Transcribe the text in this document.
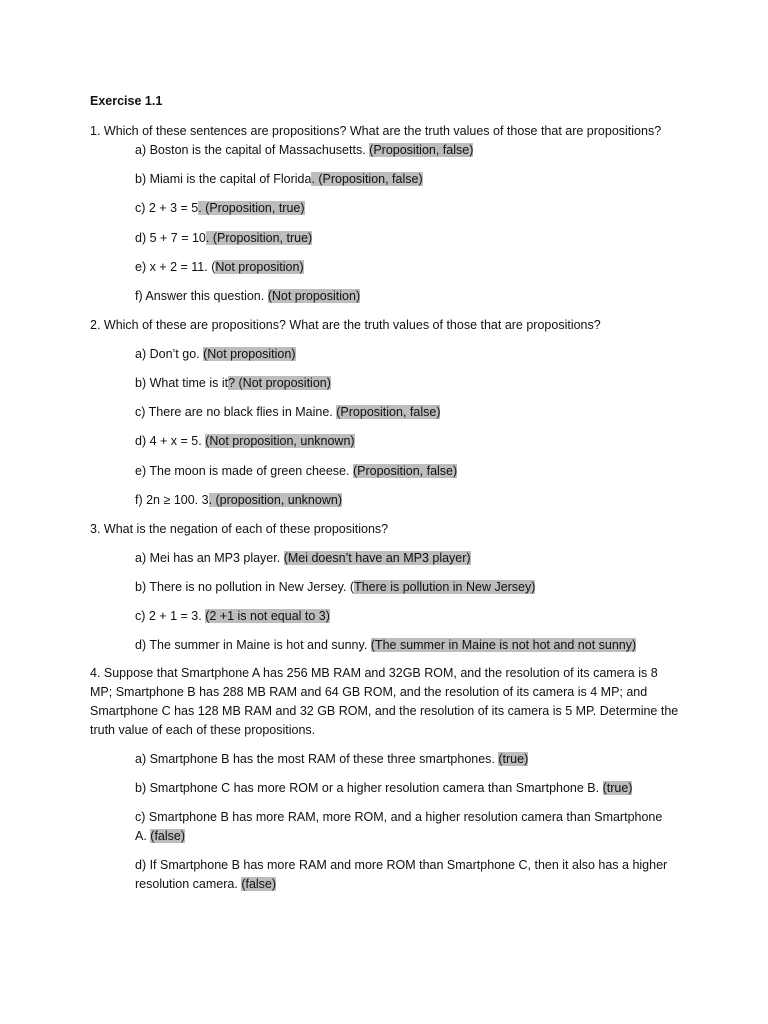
Exercise 1.1
1. Which of these sentences are propositions? What are the truth values of those that are propositions?
a) Boston is the capital of Massachusetts. (Proposition, false)
b) Miami is the capital of Florida. (Proposition, false)
c) 2 + 3 = 5. (Proposition, true)
d) 5 + 7 = 10. (Proposition, true)
e) x + 2 = 11. (Not proposition)
f) Answer this question. (Not proposition)
2. Which of these are propositions? What are the truth values of those that are propositions?
a) Don’t go. (Not proposition)
b) What time is it? (Not proposition)
c) There are no black flies in Maine. (Proposition, false)
d) 4 + x = 5. (Not proposition, unknown)
e) The moon is made of green cheese. (Proposition, false)
f) 2n ≥ 100. 3. (proposition, unknown)
3. What is the negation of each of these propositions?
a) Mei has an MP3 player. (Mei doesn’t have an MP3 player)
b) There is no pollution in New Jersey. (There is pollution in New Jersey)
c) 2 + 1 = 3. (2 +1 is not equal to 3)
d) The summer in Maine is hot and sunny. (The summer in Maine is not hot and not sunny)
4. Suppose that Smartphone A has 256 MB RAM and 32GB ROM, and the resolution of its camera is 8 MP; Smartphone B has 288 MB RAM and 64 GB ROM, and the resolution of its camera is 4 MP; and Smartphone C has 128 MB RAM and 32 GB ROM, and the resolution of its camera is 5 MP. Determine the truth value of each of these propositions.
a) Smartphone B has the most RAM of these three smartphones. (true)
b) Smartphone C has more ROM or a higher resolution camera than Smartphone B. (true)
c) Smartphone B has more RAM, more ROM, and a higher resolution camera than Smartphone A. (false)
d) If Smartphone B has more RAM and more ROM than Smartphone C, then it also has a higher resolution camera. (false)
